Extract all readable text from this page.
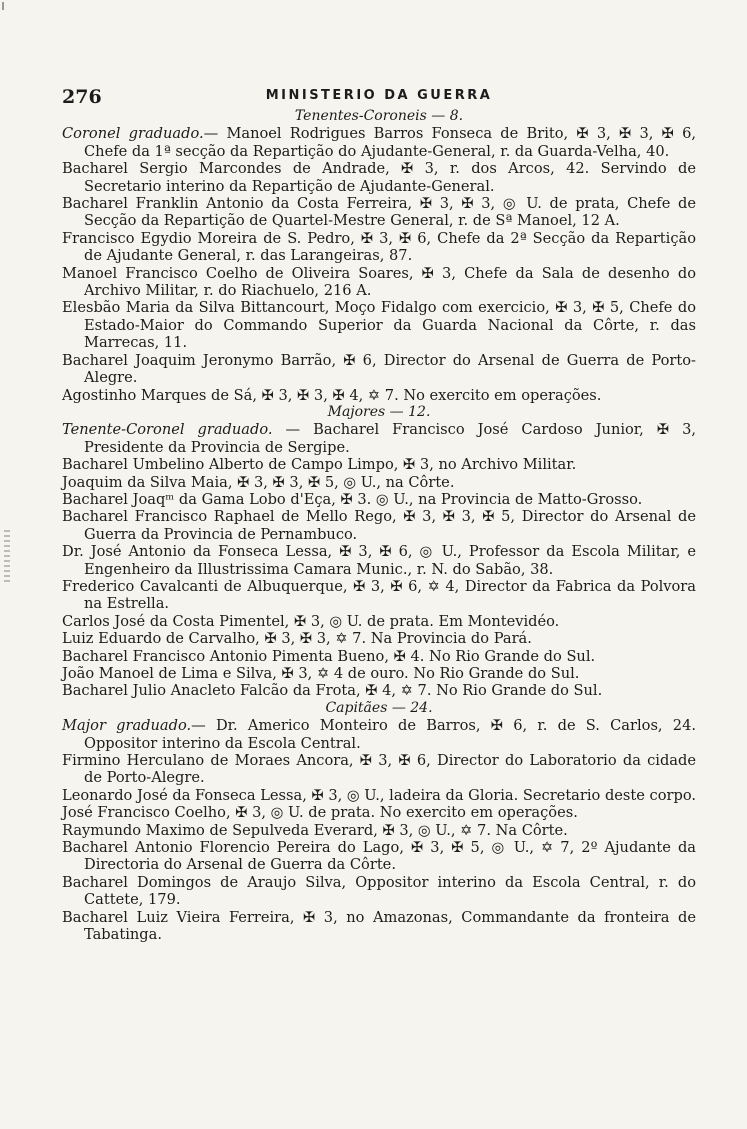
276	MINISTERIO DA GUERRA

Tenentes-Coroneis — 8.

Coronel graduado.— Manoel Rodrigues Barros Fonseca de Brito, ✠ 3, ✠ 3, ✠ 6, Chefe da 1ª secção da Repartição do Ajudante-General, r. da Guarda-Velha, 40.

Bacharel Sergio Marcondes de Andrade, ✠ 3, r. dos Arcos, 42. Servindo de Secretario interino da Repartição de Ajudante-General.

Bacharel Franklin Antonio da Costa Ferreira, ✠ 3, ✠ 3, ◎ U. de prata, Chefe de Secção da Repartição de Quartel-Mestre General, r. de Sª Manoel, 12 A.

Francisco Egydio Moreira de S. Pedro, ✠ 3, ✠ 6, Chefe da 2ª Secção da Repartição de Ajudante General, r. das Larangeiras, 87.

Manoel Francisco Coelho de Oliveira Soares, ✠ 3, Chefe da Sala de desenho do Archivo Militar, r. do Riachuelo, 216 A.

Elesbão Maria da Silva Bittancourt, Moço Fidalgo com exercicio, ✠ 3, ✠ 5, Chefe do Estado-Maior do Commando Superior da Guarda Nacional da Côrte, r. das Marrecas, 11.

Bacharel Joaquim Jeronymo Barrão, ✠ 6, Director do Arsenal de Guerra de Porto-Alegre.

Agostinho Marques de Sá, ✠ 3, ✠ 3, ✠ 4, ✡ 7. No exercito em operações.

Majores — 12.

Tenente-Coronel graduado. — Bacharel Francisco José Cardoso Junior, ✠ 3, Presidente da Provincia de Sergipe.

Bacharel Umbelino Alberto de Campo Limpo, ✠ 3, no Archivo Militar.

Joaquim da Silva Maia, ✠ 3, ✠ 3, ✠ 5, ◎ U., na Côrte.

Bacharel Joaqᵐ da Gama Lobo d'Eça, ✠ 3. ◎ U., na Provincia de Matto-Grosso.

Bacharel Francisco Raphael de Mello Rego, ✠ 3, ✠ 3, ✠ 5, Director do Arsenal de Guerra da Provincia de Pernambuco.

Dr. José Antonio da Fonseca Lessa, ✠ 3, ✠ 6, ◎ U., Professor da Escola Militar, e Engenheiro da Illustrissima Camara Munic., r. N. do Sabão, 38.

Frederico Cavalcanti de Albuquerque, ✠ 3, ✠ 6, ✡ 4, Director da Fabrica da Polvora na Estrella.

Carlos José da Costa Pimentel, ✠ 3, ◎ U. de prata. Em Montevidéo.

Luiz Eduardo de Carvalho, ✠ 3, ✠ 3, ✡ 7. Na Provincia do Pará.

Bacharel Francisco Antonio Pimenta Bueno, ✠ 4. No Rio Grande do Sul.

João Manoel de Lima e Silva, ✠ 3, ✡ 4 de ouro. No Rio Grande do Sul.

Bacharel Julio Anacleto Falcão da Frota, ✠ 4, ✡ 7. No Rio Grande do Sul.

Capitães — 24.

Major graduado.— Dr. Americo Monteiro de Barros, ✠ 6, r. de S. Carlos, 24. Oppositor interino da Escola Central.

Firmino Herculano de Moraes Ancora, ✠ 3, ✠ 6, Director do Laboratorio da cidade de Porto-Alegre.

Leonardo José da Fonseca Lessa, ✠ 3, ◎ U., ladeira da Gloria. Secretario deste corpo.

José Francisco Coelho, ✠ 3, ◎ U. de prata. No exercito em operações.

Raymundo Maximo de Sepulveda Everard, ✠ 3, ◎ U., ✡ 7. Na Côrte.

Bacharel Antonio Florencio Pereira do Lago, ✠ 3, ✠ 5, ◎ U., ✡ 7, 2º Ajudante da Directoria do Arsenal de Guerra da Côrte.

Bacharel Domingos de Araujo Silva, Oppositor interino da Escola Central, r. do Cattete, 179.

Bacharel Luiz Vieira Ferreira, ✠ 3, no Amazonas, Commandante da fronteira de Tabatinga.
